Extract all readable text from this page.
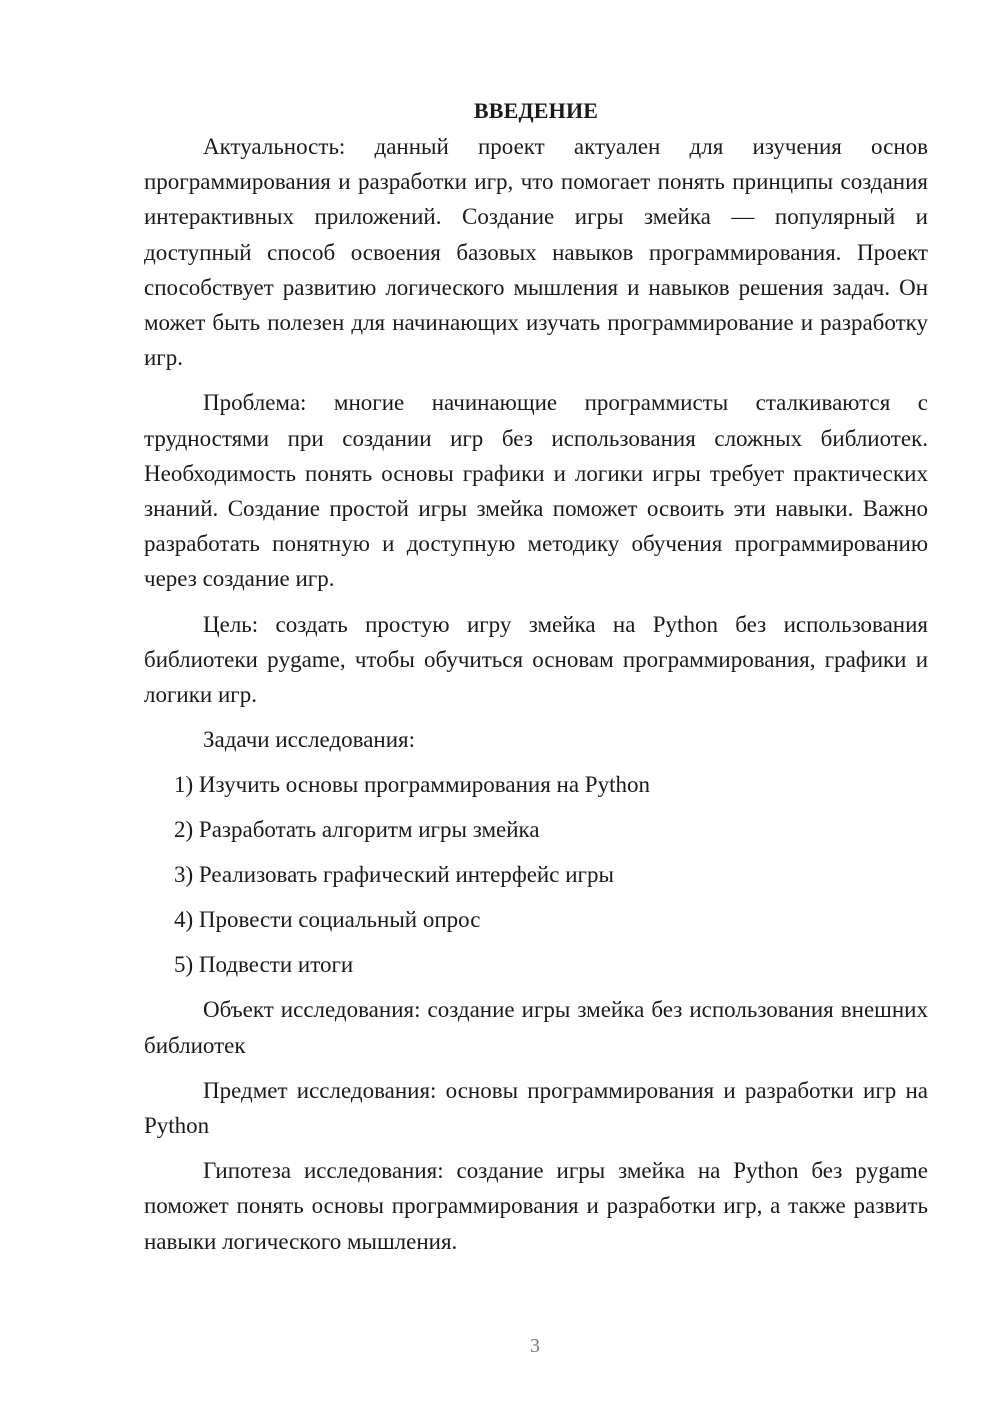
ВВЕДЕНИЕ

Актуальность: данный проект актуален для изучения основ программирования и разработки игр, что помогает понять принципы создания интерактивных приложений. Создание игры змейка — популярный и доступный способ освоения базовых навыков программирования. Проект способствует развитию логического мышления и навыков решения задач. Он может быть полезен для начинающих изучать программирование и разработку игр.

Проблема: многие начинающие программисты сталкиваются с трудностями при создании игр без использования сложных библиотек. Необходимость понять основы графики и логики игры требует практических знаний. Создание простой игры змейка поможет освоить эти навыки. Важно разработать понятную и доступную методику обучения программированию через создание игр.

Цель: создать простую игру змейка на Python без использования библиотеки pygame, чтобы обучиться основам программирования, графики и логики игр.

Задачи исследования:

1) Изучить основы программирования на Python
2) Разработать алгоритм игры змейка
3) Реализовать графический интерфейс игры
4) Провести социальный опрос
5) Подвести итоги

Объект исследования: создание игры змейка без использования внешних библиотек

Предмет исследования: основы программирования и разработки игр на Python

Гипотеза исследования: создание игры змейка на Python без pygame поможет понять основы программирования и разработки игр, а также развить навыки логического мышления.

3
